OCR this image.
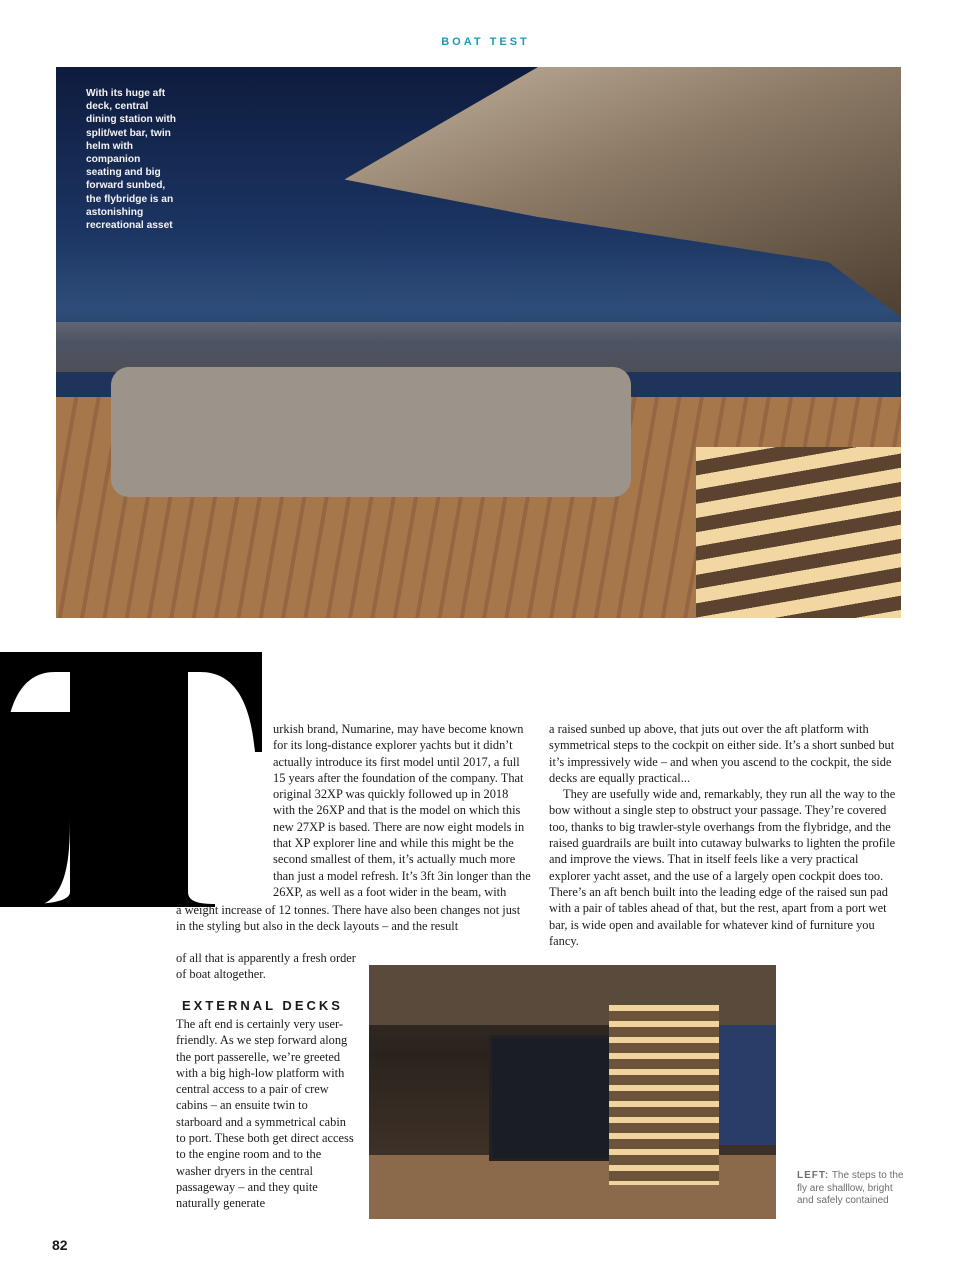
BOAT TEST
With its huge aft deck, central dining station with split/wet bar, twin helm with companion seating and big forward sunbed, the flybridge is an astonishing recreational asset
urkish brand, Numarine, may have become known for its long-distance explorer yachts but it didn’t actually introduce its first model until 2017, a full 15 years after the foundation of the company. That original 32XP was quickly followed up in 2018 with the 26XP and that is the model on which this new 27XP is based. There are now eight models in that XP explorer line and while this might be the second smallest of them, it’s actually much more than just a model refresh. It’s 3ft 3in longer than the 26XP, as well as a foot wider in the beam, with
a weight increase of 12 tonnes. There have also been changes not just in the styling but also in the deck layouts – and the result
of all that is apparently a fresh order of boat altogether.
EXTERNAL DECKS
The aft end is certainly very user-friendly. As we step forward along the port passerelle, we’re greeted with a big high-low platform with central access to a pair of crew cabins – an ensuite twin to starboard and a symmetrical cabin to port. These both get direct access to the engine room and to the washer dryers in the central passageway – and they quite naturally generate

a raised sunbed up above, that juts out over the aft platform with symmetrical steps to the cockpit on either side. It’s a short sunbed but it’s impressively wide – and when you ascend to the cockpit, the side decks are equally practical...

They are usefully wide and, remarkably, they run all the way to the bow without a single step to obstruct your passage. They’re covered too, thanks to big trawler-style overhangs from the flybridge, and the raised guardrails are built into cutaway bulwarks to lighten the profile and improve the views. That in itself feels like a very practical explorer yacht asset, and the use of a largely open cockpit does too. There’s an aft bench built into the leading edge of the raised sun pad with a pair of tables ahead of that, but the rest, apart from a port wet bar, is wide open and available for whatever kind of furniture you fancy.

LEFT: The steps to the fly are shalllow, bright and safely contained
82
